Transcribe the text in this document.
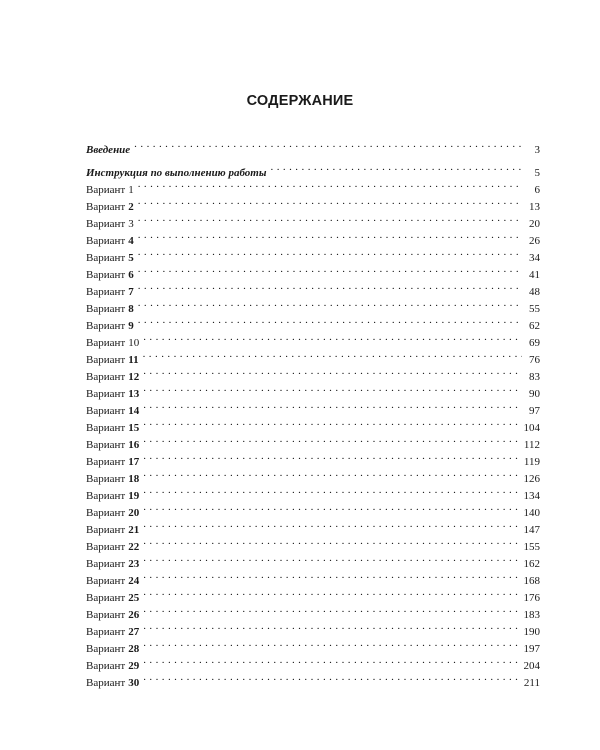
СОДЕРЖАНИЕ
Введение . . .	3
Инструкция по выполнению работы . . .	5
Вариант 1 . . .	6
Вариант 2 . . .	13
Вариант 3 . . .	20
Вариант 4 . . .	26
Вариант 5 . . .	34
Вариант 6 . . .	41
Вариант 7 . . .	48
Вариант 8 . . .	55
Вариант 9 . . .	62
Вариант 10 . . .	69
Вариант 11 . . .	76
Вариант 12 . . .	83
Вариант 13 . . .	90
Вариант 14 . . .	97
Вариант 15 . . .	104
Вариант 16 . . .	112
Вариант 17 . . .	119
Вариант 18 . . .	126
Вариант 19 . . .	134
Вариант 20 . . .	140
Вариант 21 . . .	147
Вариант 22 . . .	155
Вариант 23 . . .	162
Вариант 24 . . .	168
Вариант 25 . . .	176
Вариант 26 . . .	183
Вариант 27 . . .	190
Вариант 28 . . .	197
Вариант 29 . . .	204
Вариант 30 . . .	211
